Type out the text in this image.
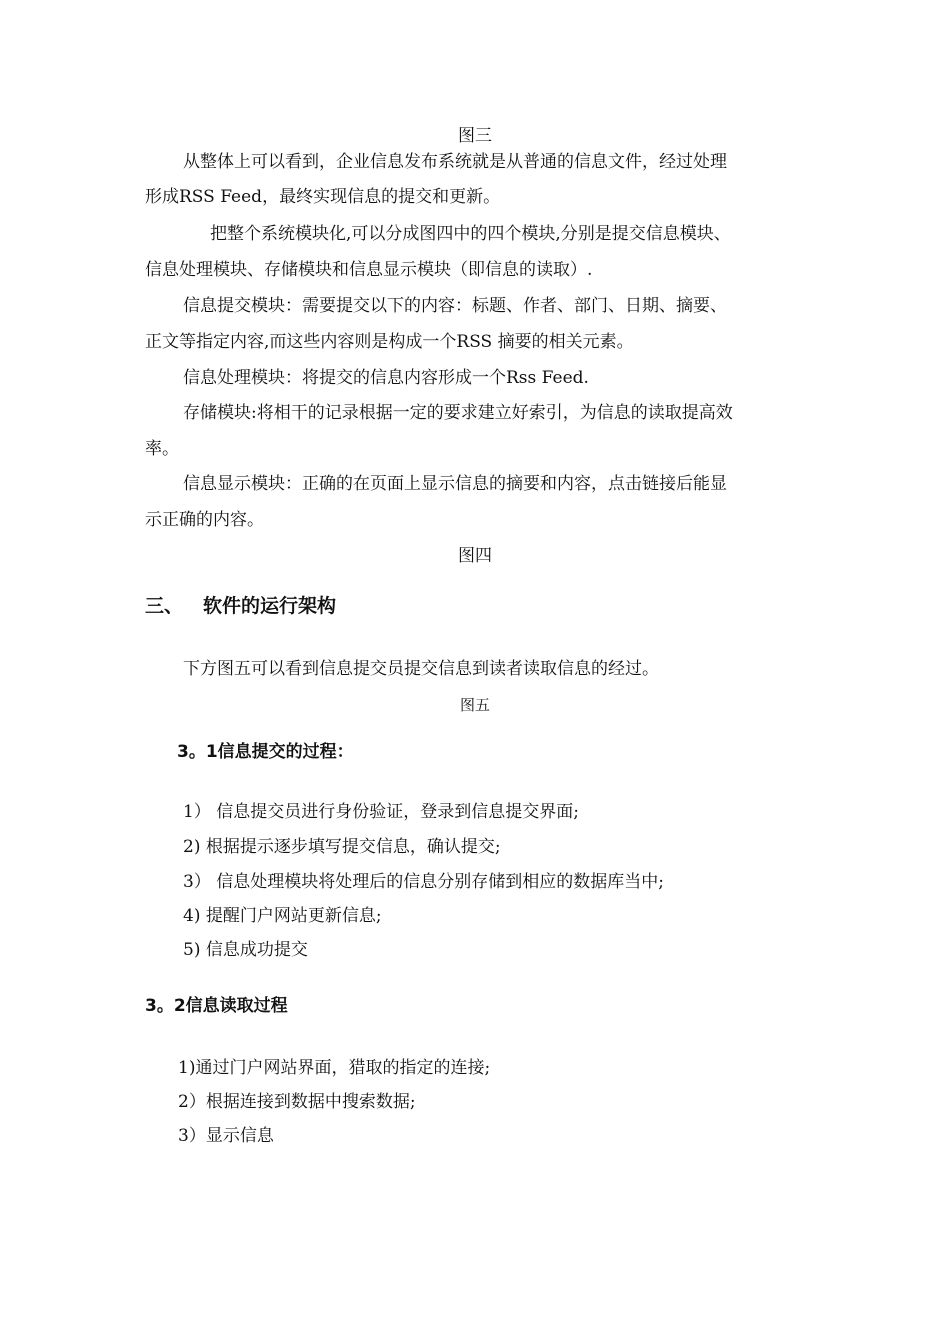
图三
从整体上可以看到，企业信息发布系统就是从普通的信息文件，经过处理
形成RSS Feed，最终实现信息的提交和更新。
把整个系统模块化,可以分成图四中的四个模块,分别是提交信息模块、
信息处理模块、存储模块和信息显示模块（即信息的读取）.
信息提交模块：需要提交以下的内容：标题、作者、部门、日期、摘要、
正文等指定内容,而这些内容则是构成一个RSS 摘要的相关元素。
信息处理模块：将提交的信息内容形成一个Rss Feed.
存储模块:将相干的记录根据一定的要求建立好索引，为信息的读取提高效
率。
信息显示模块：正确的在页面上显示信息的摘要和内容，点击链接后能显
示正确的内容。
图四
三、 软件的运行架构
下方图五可以看到信息提交员提交信息到读者读取信息的经过。
图五
3。1信息提交的过程：
1） 信息提交员进行身份验证，登录到信息提交界面;
2) 根据提示逐步填写提交信息，确认提交;
3） 信息处理模块将处理后的信息分别存储到相应的数据库当中;
4) 提醒门户网站更新信息;
5) 信息成功提交
3。2信息读取过程
1)通过门户网站界面，猎取的指定的连接;
2）根据连接到数据中搜索数据;
3）显示信息
